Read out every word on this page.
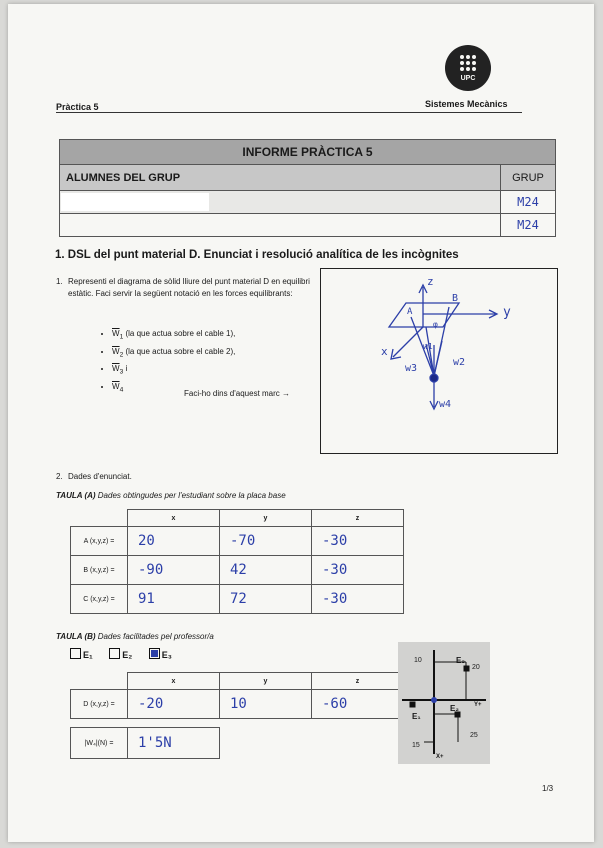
UPC
Pràctica 5	Sistemes Mecànics
INFORME PRÀCTICA 5	
ALUMNES DEL GRUP	GRUP

	M24
	M24
1. DSL del punt material D. Enunciat i resolució analítica de les incògnites
1. Representi el diagrama de sòlid lliure del punt material D en equilibri estàtic. Faci servir la següent notació en les forces equilibrants:
• $\overline{W}_1$ (la que actua sobre el cable 1),
• $\overline{W}_2$ (la que actua sobre el cable 2),
• $\overline{W}_3$ i
• $\overline{W}_4$	Faci-ho dins d'aquest marc →
z
y
x
A
B
φ
w1
w2
w3
w4
2. Dades d'enunciat.
TAULA (A) Dades obtingudes per l'estudiant sobre la placa base
	x	y	z
A (x,y,z) =	20	-70	-30
B (x,y,z) =	-90	42	-30
C (x,y,z) =	91	72	-30
TAULA (B) Dades facilitades pel professor/a
E₁	E₂	E₃
	x	y	z
D (x,y,z) =	-20	10	-60
|W₄|(N) =	1'5N
10
20
E₃
Y+
E₁
E₂
25
15
X+
1/3
